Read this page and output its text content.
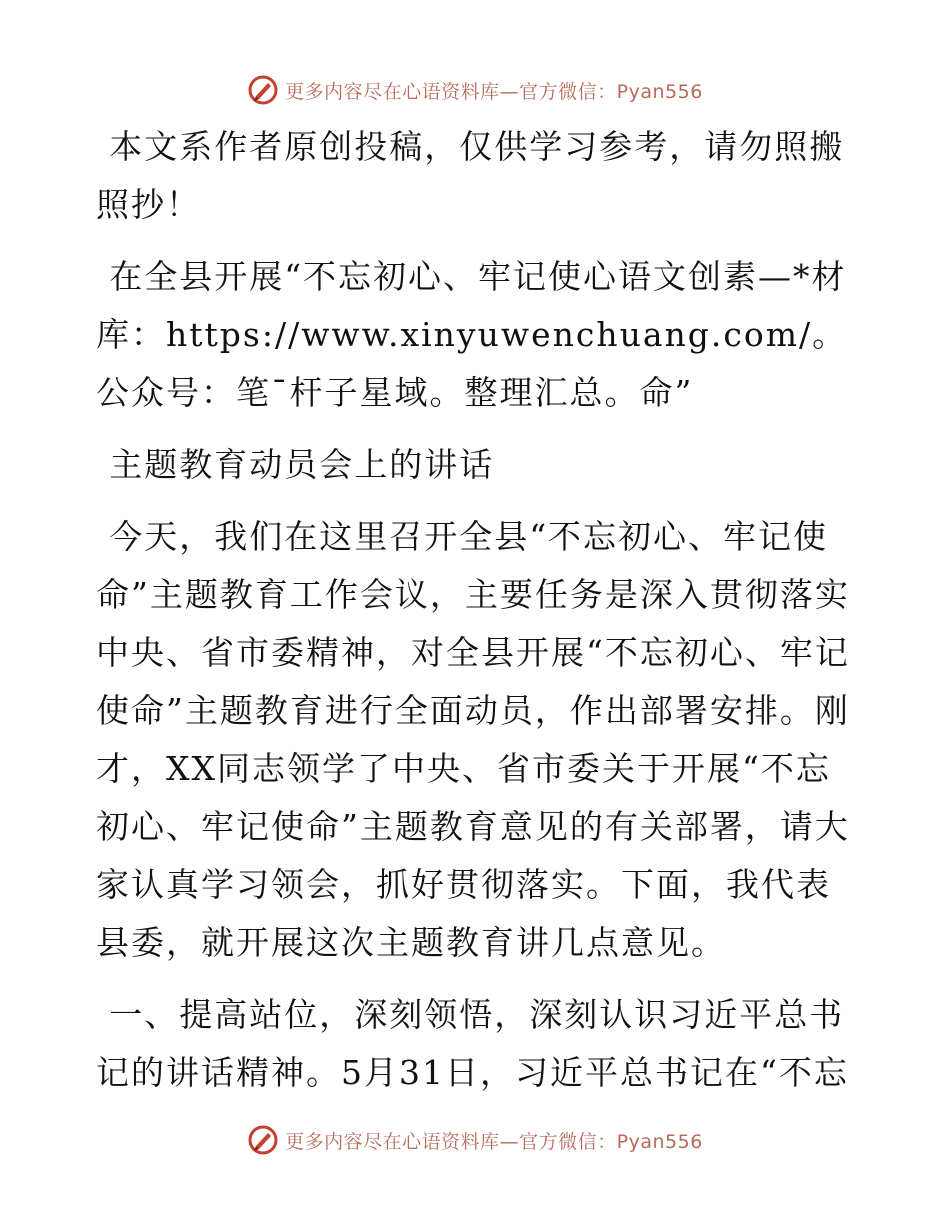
更多内容尽在心语资料库—官方微信：Pyan556

本文系作者原创投稿，仅供学习参考，请勿照搬照抄！

在全县开展“不忘初心、牢记使心语文创素—*材库：https://www.xinyuwenchuang.com/。公众号：笔¯杆子星域。整理汇总。命”

主题教育动员会上的讲话

今天，我们在这里召开全县“不忘初心、牢记使命”主题教育工作会议，主要任务是深入贯彻落实中央、省市委精神，对全县开展“不忘初心、牢记使命”主题教育进行全面动员，作出部署安排。刚才，XX同志领学了中央、省市委关于开展“不忘初心、牢记使命”主题教育意见的有关部署，请大家认真学习领会，抓好贯彻落实。下面，我代表县委，就开展这次主题教育讲几点意见。

一、提高站位，深刻领悟，深刻认识习近平总书记的讲话精神。5月31日，习近平总书记在“不忘

更多内容尽在心语资料库—官方微信：Pyan556
